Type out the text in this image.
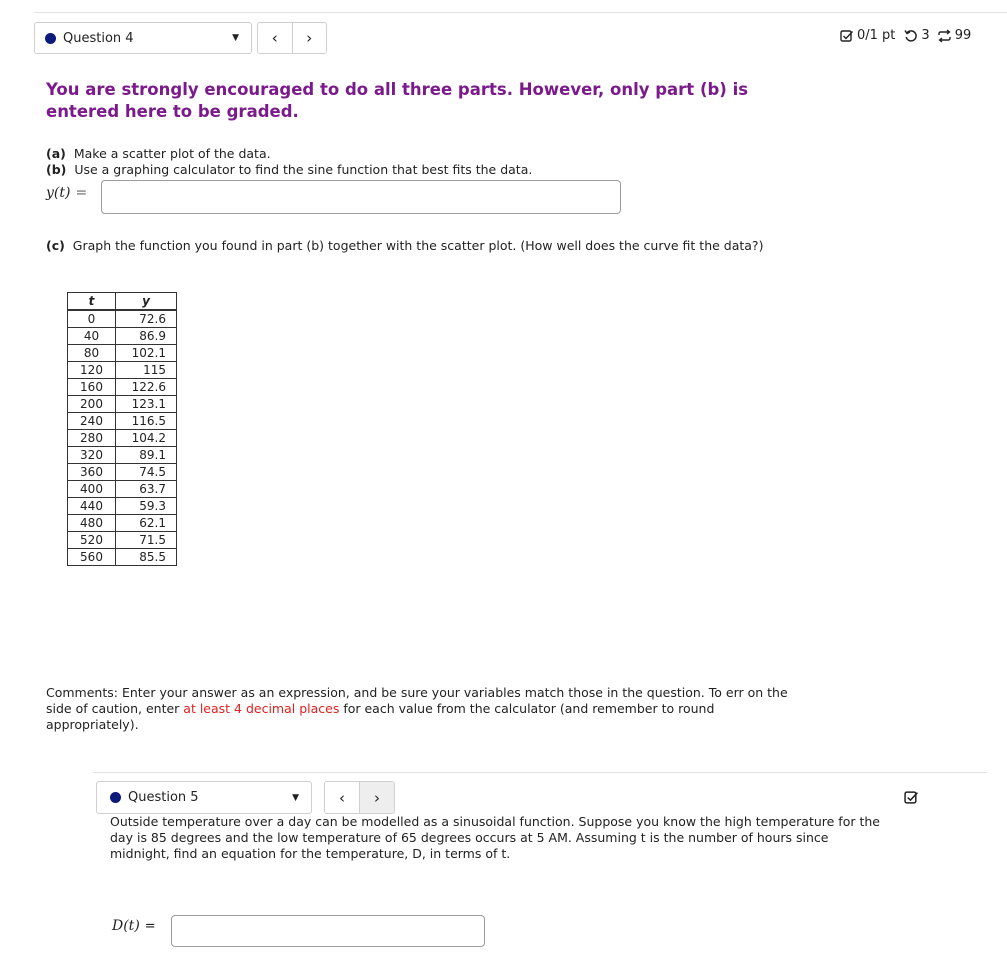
Question 4	▼ ‹ ›	0/1 pt 3 99
You are strongly encouraged to do all three parts. However, only part (b) is entered here to be graded.
(a) Make a scatter plot of the data.
(b) Use a graphing calculator to find the sine function that best fits the data.
y(t) =
(c) Graph the function you found in part (b) together with the scatter plot. (How well does the curve fit the data?)
t	y
0	72.6
40	86.9
80	102.1
120	115
160	122.6
200	123.1
240	116.5
280	104.2
320	89.1
360	74.5
400	63.7
440	59.3
480	62.1
520	71.5
560	85.5
Comments: Enter your answer as an expression, and be sure your variables match those in the question. To err on the side of caution, enter at least 4 decimal places for each value from the calculator (and remember to round appropriately).
Question 5	▼	‹ ›
Outside temperature over a day can be modelled as a sinusoidal function. Suppose you know the high temperature for the day is 85 degrees and the low temperature of 65 degrees occurs at 5 AM. Assuming t is the number of hours since midnight, find an equation for the temperature, D, in terms of t.
D(t) =
